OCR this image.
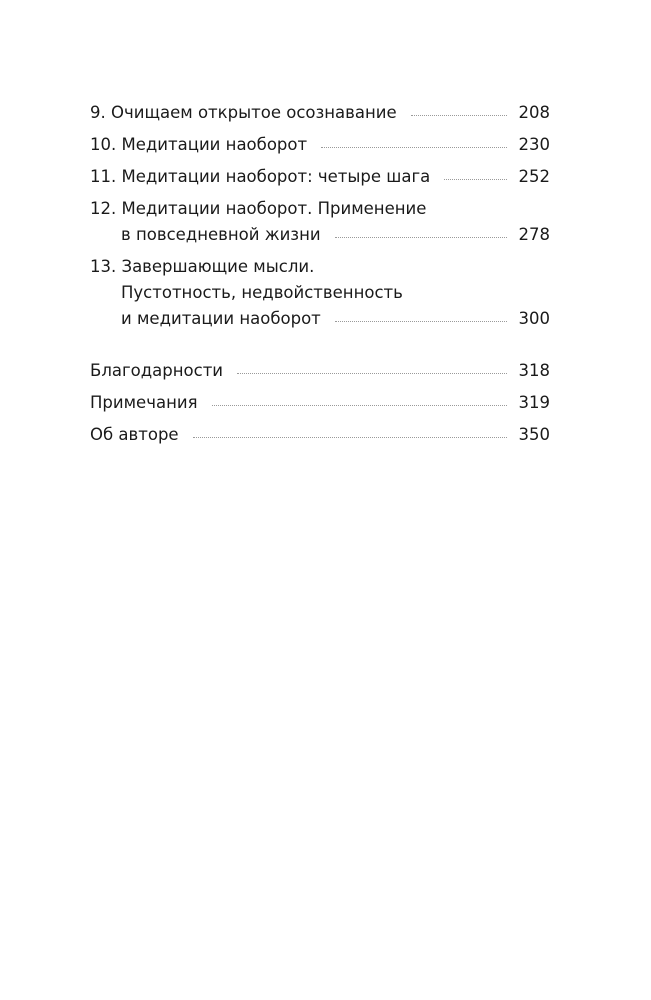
9. Очищаем открытое осознавание	208
10. Медитации наоборот	230
11. Медитации наоборот: четыре шага	252
12. Медитации наоборот. Применение
в повседневной жизни	278
13. Завершающие мысли.
Пустотность, недвойственность
и медитации наоборот	300
Благодарности	318
Примечания	319
Об авторе	350
